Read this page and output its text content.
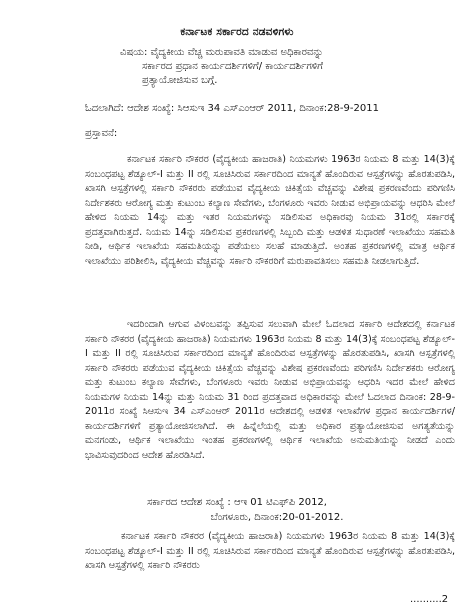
ಕರ್ನಾಟಕ ಸರ್ಕಾರದ ನಡವಳಿಗಳು
ವಿಷಯ: ವೈದ್ಯಕೀಯ ವೆಚ್ಚ ಮರುಪಾವತಿ ಮಾಡುವ ಅಧಿಕಾರವನ್ನು
ಸರ್ಕಾರದ ಪ್ರಧಾನ ಕಾರ್ಯದರ್ಶಿಗಳಿಗೆ/ ಕಾರ್ಯದರ್ಶಿಗಳಿಗೆ
ಪ್ರತ್ಯಾಯೋಜಿಸುವ ಬಗ್ಗೆ.
ಓದಲಾಗಿದೆ: ಆದೇಶ ಸಂಖ್ಯೆ: ಸಿಆಸುಇ 34 ಎಸ್‌ಎಂಆರ್ 2011, ದಿನಾಂಕ:28-9-2011
ಪ್ರಸ್ತಾವನೆ:

ಕರ್ನಾಟಕ ಸರ್ಕಾರಿ ನೌಕರರ (ವೈದ್ಯಕೀಯ ಹಾಜರಾತಿ) ನಿಯಮಗಳು 1963ರ ನಿಯಮ 8 ಮತ್ತು 14(3)ಕ್ಕೆ ಸಂಬಂಧಪಟ್ಟ ಶೆಡ್ಯೂಲ್-I ಮತ್ತು II ರಲ್ಲಿ ಸೂಚಿಸಿರುವ ಸರ್ಕಾರದಿಂದ ಮಾನ್ಯತೆ ಹೊಂದಿರುವ ಆಸ್ಪತ್ರೆಗಳನ್ನು ಹೊರತುಪಡಿಸಿ, ಖಾಸಗಿ ಆಸ್ಪತ್ರೆಗಳಲ್ಲಿ ಸರ್ಕಾರಿ ನೌಕರರು ಪಡೆಯುವ ವೈದ್ಯಕೀಯ ಚಿಕಿತ್ಸೆಯ ವೆಚ್ಚವನ್ನು ವಿಶೇಷ ಪ್ರಕರಣವೆಂದು ಪರಿಗಣಿಸಿ ನಿರ್ದೇಶಕರು ಆರೋಗ್ಯ ಮತ್ತು ಕುಟುಂಬ ಕಲ್ಯಾಣ ಸೇವೆಗಳು, ಬೆಂಗಳೂರು ಇವರು ನೀಡುವ ಅಭಿಪ್ರಾಯವನ್ನು ಆಧರಿಸಿ ಮೇಲೆ ಹೇಳಿದ ನಿಯಮ 14ನ್ನು ಮತ್ತು ಇತರ ನಿಯಮಗಳನ್ನು ಸಡಿಲಿಸುವ ಅಧಿಕಾರವು ನಿಯಮ 31ರಲ್ಲಿ ಸರ್ಕಾರಕ್ಕೆ ಪ್ರದತ್ತವಾಗಿರುತ್ತದೆ. ನಿಯಮ 14ನ್ನು ಸಡಿಲಿಸುವ ಪ್ರಕರಣಗಳಲ್ಲಿ ಸಿಬ್ಬಂದಿ ಮತ್ತು ಆಡಳಿತ ಸುಧಾರಣೆ ಇಲಾಖೆಯು ಸಹಮತಿ ನೀಡಿ, ಆರ್ಥಿಕ ಇಲಾಖೆಯ ಸಹಮತಿಯನ್ನು ಪಡೆಯಲು ಸಲಹೆ ಮಾಡುತ್ತಿದೆ. ಅಂತಹ ಪ್ರಕರಣಗಳಲ್ಲಿ ಮಾತ್ರ ಆರ್ಥಿಕ ಇಲಾಖೆಯು ಪರಿಶೀಲಿಸಿ, ವೈದ್ಯಕೀಯ ವೆಚ್ಚವನ್ನು ಸರ್ಕಾರಿ ನೌಕರರಿಗೆ ಮರುಪಾವತಿಸಲು ಸಹಮತಿ ನೀಡಲಾಗುತ್ತಿದೆ.

ಇದರಿಂದಾಗಿ ಆಗುವ ವಿಳಂಬವನ್ನು ತಪ್ಪಿಸುವ ಸಲುವಾಗಿ ಮೇಲೆ ಓದಲಾದ ಸರ್ಕಾರಿ ಆದೇಶದಲ್ಲಿ ಕರ್ನಾಟಕ ಸರ್ಕಾರಿ ನೌಕರರ (ವೈದ್ಯಕೀಯ ಹಾಜರಾತಿ) ನಿಯಮಗಳು 1963ರ ನಿಯಮ 8 ಮತ್ತು 14(3)ಕ್ಕೆ ಸಂಬಂಧಪಟ್ಟ ಶೆಡ್ಯೂಲ್-I ಮತ್ತು II ರಲ್ಲಿ ಸೂಚಿಸಿರುವ ಸರ್ಕಾರದಿಂದ ಮಾನ್ಯತೆ ಹೊಂದಿರುವ ಆಸ್ಪತ್ರೆಗಳನ್ನು ಹೊರತುಪಡಿಸಿ, ಖಾಸಗಿ ಆಸ್ಪತ್ರೆಗಳಲ್ಲಿ ಸರ್ಕಾರಿ ನೌಕರರು ಪಡೆಯುವ ವೈದ್ಯಕೀಯ ಚಿಕಿತ್ಸೆಯ ವೆಚ್ಚವನ್ನು ವಿಶೇಷ ಪ್ರಕರಣವೆಂದು ಪರಿಗಣಿಸಿ ನಿರ್ದೇಶಕರು ಆರೋಗ್ಯ ಮತ್ತು ಕುಟುಂಬ ಕಲ್ಯಾಣ ಸೇವೆಗಳು, ಬೆಂಗಳೂರು ಇವರು ನೀಡುವ ಅಭಿಪ್ರಾಯವನ್ನು ಆಧರಿಸಿ ಇದರ ಮೇಲೆ ಹೇಳಿದ ನಿಯಮಗಳ ನಿಯಮ 14ನ್ನು ಮತ್ತು ನಿಯಮ 31 ರಿಂದ ಪ್ರದತ್ತವಾದ ಅಧಿಕಾರವನ್ನು ಮೇಲೆ ಓದಲಾದ ದಿನಾಂಕ: 28-9-2011ರ ಸಂಖ್ಯೆ ಸಿಆಸುಇ 34 ಎಸ್‌ಎಂಆರ್ 2011ರ ಆದೇಶದಲ್ಲಿ ಆಡಳಿತ ಇಲಾಖೆಗಳ ಪ್ರಧಾನ ಕಾರ್ಯದರ್ಶಿಗಳ/ಕಾರ್ಯದರ್ಶಿಗಳಿಗೆ ಪ್ರತ್ಯಾಯೋಜಿಸಲಾಗಿದೆ. ಈ ಹಿನ್ನೆಲೆಯಲ್ಲಿ ಮತ್ತು ಅಧಿಕಾರ ಪ್ರತ್ಯಾಯೋಜಿಸುವ ಅಗತ್ಯತೆಯನ್ನು ಮನಗಂಡು, ಆರ್ಥಿಕ ಇಲಾಖೆಯು ಇಂತಹ ಪ್ರಕರಣಗಳಲ್ಲಿ ಆರ್ಥಿಕ ಇಲಾಖೆಯ ಅನುಮತಿಯನ್ನು ನೀಡದೆ ಎಂದು ಭಾವಿಸುವುದರಿಂದ ಆದೇಶ ಹೊರಡಿಸಿದೆ.

ಸರ್ಕಾರದ ಆದೇಶ ಸಂಖ್ಯೆ : ಆಇ 01 ಟಿಎಫ್‌ಪಿ 2012,
ಬೆಂಗಳೂರು, ದಿನಾಂಕ:20-01-2012.

ಕರ್ನಾಟಕ ಸರ್ಕಾರಿ ನೌಕರರ (ವೈದ್ಯಕೀಯ ಹಾಜರಾತಿ) ನಿಯಮಗಳು 1963ರ ನಿಯಮ 8 ಮತ್ತು 14(3)ಕ್ಕೆ ಸಂಬಂಧಪಟ್ಟ ಶೆಡ್ಯೂಲ್-I ಮತ್ತು II ರಲ್ಲಿ ಸೂಚಿಸಿರುವ ಸರ್ಕಾರದಿಂದ ಮಾನ್ಯತೆ ಹೊಂದಿರುವ ಆಸ್ಪತ್ರೆಗಳನ್ನು ಹೊರತುಪಡಿಸಿ, ಖಾಸಗಿ ಆಸ್ಪತ್ರೆಗಳಲ್ಲಿ ಸರ್ಕಾರಿ ನೌಕರರು

..........2
